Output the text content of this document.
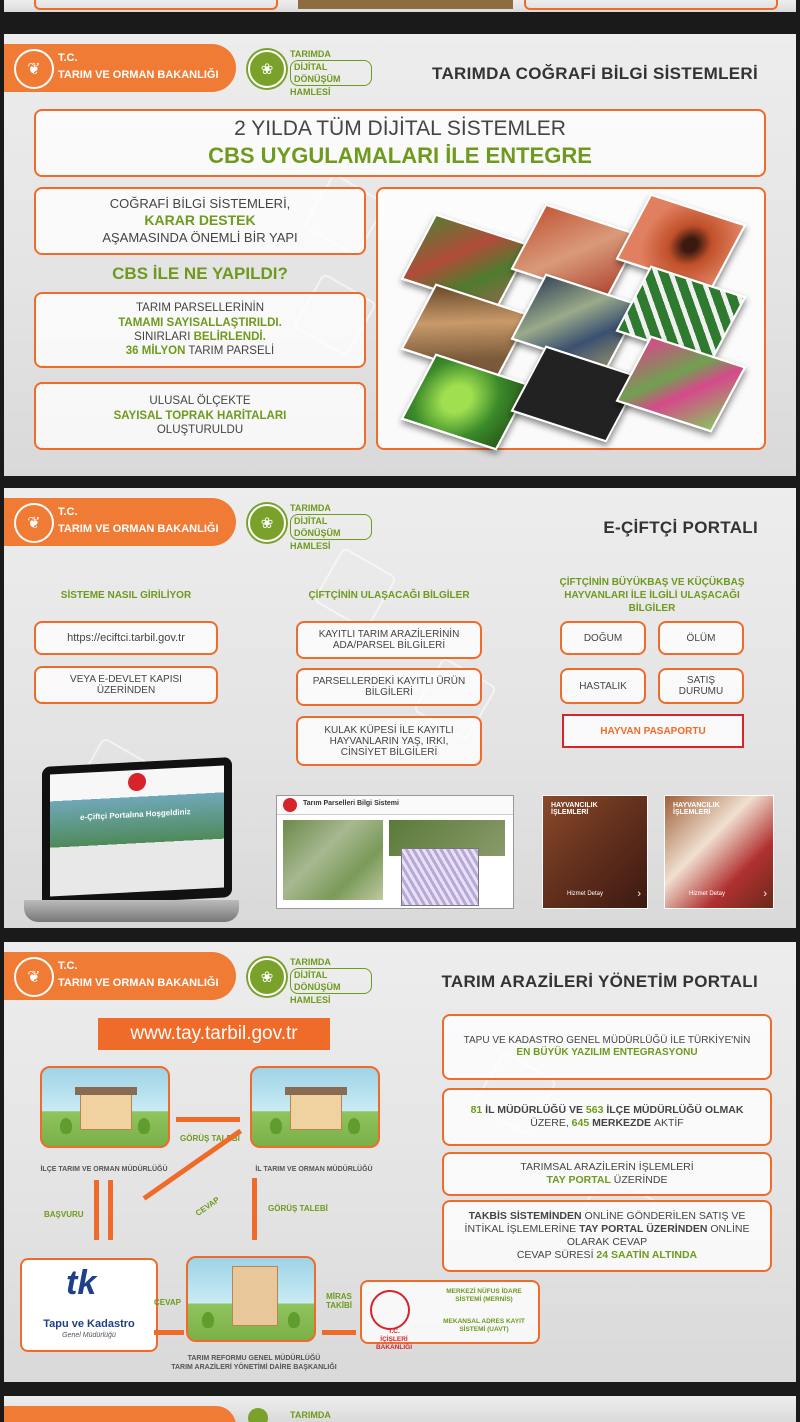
❦
T.C.
TARIM VE ORMAN BAKANLIĞI	❀
TARIMDA
DİJİTAL DÖNÜŞÜM
HAMLESİ
TARIMDA COĞRAFİ BİLGİ SİSTEMLERİ
2 YILDA TÜM DİJİTAL SİSTEMLER
CBS UYGULAMALARI İLE ENTEGRE
COĞRAFİ BİLGİ SİSTEMLERİ,
KARAR DESTEK
AŞAMASINDA ÖNEMLİ BİR YAPI
CBS İLE NE YAPILDI?
TARIM PARSELLERİNİN
TAMAMI SAYISALLAŞTIRILDI.
SINIRLARI BELİRLENDİ.
36 MİLYON TARIM PARSELİ
ULUSAL ÖLÇEKTE
SAYISAL TOPRAK HARİTALARI
OLUŞTURULDU
❦
T.C.
TARIM VE ORMAN BAKANLIĞI	❀
TARIMDA
DİJİTAL DÖNÜŞÜM
HAMLESİ
E-ÇİFTÇİ PORTALI
SİSTEME NASIL GİRİLİYOR	ÇİFTÇİNİN ULAŞACAĞI BİLGİLER
ÇİFTÇİNİN BÜYÜKBAŞ VE KÜÇÜKBAŞ HAYVANLARI İLE İLGİLİ ULAŞACAĞI BİLGİLER
https://eciftci.tarbil.gov.tr
VEYA E-DEVLET KAPISI ÜZERİNDEN
KAYITLI TARIM ARAZİLERİNİN ADA/PARSEL BİLGİLERİ
PARSELLERDEKİ KAYITLI ÜRÜN BİLGİLERİ
KULAK KÜPESİ İLE KAYITLI HAYVANLARIN YAŞ, IRKI, CİNSİYET BİLGİLERİ
DOĞUM	ÖLÜM
HASTALIK	SATIŞ DURUMU
HAYVAN PASAPORTU
e-Çiftçi Portalına Hoşgeldiniz
Tarım Parselleri Bilgi Sistemi	HAYVANCILIK İŞLEMLERİ
Hizmet Detay	›
HAYVANCILIK İŞLEMLERİ
Hizmet Detay	›
❦
T.C.
TARIM VE ORMAN BAKANLIĞI	❀
TARIMDA
DİJİTAL DÖNÜŞÜM
HAMLESİ
TARIM ARAZİLERİ YÖNETİM PORTALI
www.tay.tarbil.gov.tr	TAPU VE KADASTRO GENEL MÜDÜRLÜĞÜ İLE TÜRKİYE'NİN
EN BÜYÜK YAZILIM ENTEGRASYONU
81 İL MÜDÜRLÜĞÜ VE 563 İLÇE MÜDÜRLÜĞÜ OLMAK
ÜZERE, 645 MERKEZDE AKTİF
TARIMSAL ARAZİLERİN İŞLEMLERİ
TAY PORTAL ÜZERİNDE
TAKBİS SİSTEMİNDEN ONLİNE GÖNDERİLEN SATIŞ VE
İNTİKAL İŞLEMLERİNE TAY PORTAL ÜZERİNDEN ONLİNE
OLARAK CEVAP
CEVAP SÜRESİ 24 SAATİN ALTINDA
İLÇE TARIM VE ORMAN MÜDÜRLÜĞÜ	İL TARIM VE ORMAN MÜDÜRLÜĞÜ
GÖRÜŞ TALEBİ
BAŞVURU	CEVAP	GÖRÜŞ TALEBİ
tk
Tapu ve Kadastro
Genel Müdürlüğü
CEVAP
TARIM REFORMU GENEL MÜDÜRLÜĞÜ
TARIM ARAZİLERİ YÖNETİMİ DAİRE BAŞKANLIĞI
MİRAS TAKİBİ
T.C.
İÇİŞLERİ BAKANLIĞI
MERKEZİ NÜFUS İDARE SİSTEMİ (MERNİS)
MEKANSAL ADRES KAYIT SİSTEMİ (UAVT)
TARIMDA
